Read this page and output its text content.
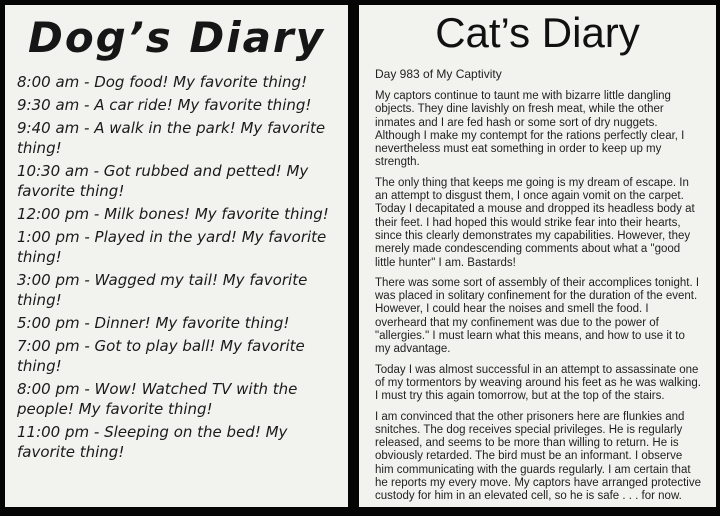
Dog’s Diary

8:00 am - Dog food! My favorite thing!

9:30 am - A car ride! My favorite thing!

9:40 am - A walk in the park! My favorite thing!

10:30 am - Got rubbed and petted! My favorite thing!

12:00 pm - Milk bones! My favorite thing!

1:00 pm - Played in the yard! My favorite thing!

3:00 pm - Wagged my tail! My favorite thing!

5:00 pm - Dinner! My favorite thing!

7:00 pm - Got to play ball! My favorite thing!

8:00 pm - Wow! Watched TV with the people! My favorite thing!

11:00 pm - Sleeping on the bed! My favorite thing!

Cat’s Diary

Day 983 of My Captivity

My captors continue to taunt me with bizarre little dangling objects. They dine lavishly on fresh meat, while the other inmates and I are fed hash or some sort of dry nuggets. Although I make my contempt for the rations perfectly clear, I nevertheless must eat something in order to keep up my strength.

The only thing that keeps me going is my dream of escape. In an attempt to disgust them, I once again vomit on the carpet. Today I decapitated a mouse and dropped its headless body at their feet. I had hoped this would strike fear into their hearts, since this clearly demonstrates my capabilities. However, they merely made condescending comments about what a "good little hunter" I am. Bastards!

There was some sort of assembly of their accomplices tonight. I was placed in solitary confinement for the duration of the event. However, I could hear the noises and smell the food. I overheard that my confinement was due to the power of "allergies." I must learn what this means, and how to use it to my advantage.

Today I was almost successful in an attempt to assassinate one of my tormentors by weaving around his feet as he was walking. I must try this again tomorrow, but at the top of the stairs.

I am convinced that the other prisoners here are flunkies and snitches. The dog receives special privileges. He is regularly released, and seems to be more than willing to return. He is obviously retarded. The bird must be an informant. I observe him communicating with the guards regularly. I am certain that he reports my every move. My captors have arranged protective custody for him in an elevated cell, so he is safe . . . for now.
